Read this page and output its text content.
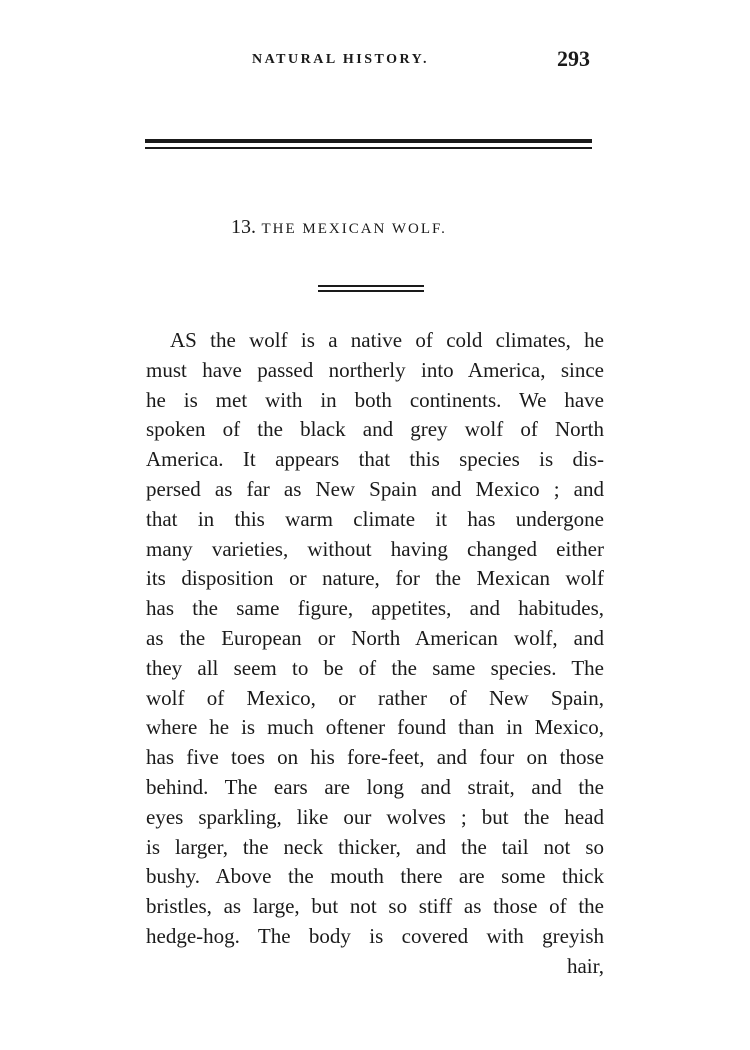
NATURAL HISTORY.	293
13. THE MEXICAN WOLF.
AS the wolf is a native of cold climates, he
must have passed northerly into America, since
he is met with in both continents. We have
spoken of the black and grey wolf of North
America. It appears that this species is dis-
persed as far as New Spain and Mexico ; and
that in this warm climate it has undergone
many varieties, without having changed either
its disposition or nature, for the Mexican wolf
has the same figure, appetites, and habitudes,
as the European or North American wolf, and
they all seem to be of the same species. The
wolf of Mexico, or rather of New Spain,
where he is much oftener found than in Mexico,
has five toes on his fore-feet, and four on those
behind. The ears are long and strait, and the
eyes sparkling, like our wolves ; but the head
is larger, the neck thicker, and the tail not so
bushy. Above the mouth there are some thick
bristles, as large, but not so stiff as those of the
hedge-hog. The body is covered with greyish
hair,
